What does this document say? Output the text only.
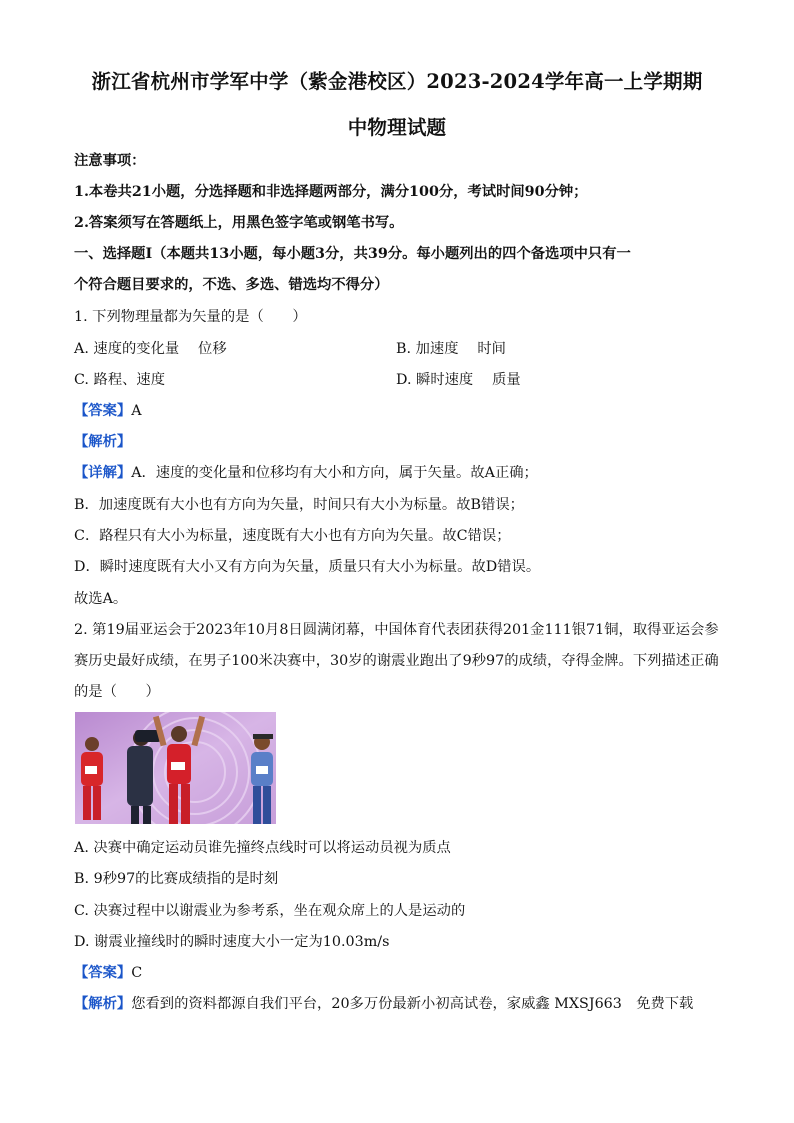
浙江省杭州市学军中学（紫金港校区）2023-2024学年高一上学期期
中物理试题
注意事项：
1.本卷共21小题，分选择题和非选择题两部分，满分100分，考试时间90分钟；
2.答案须写在答题纸上，用黑色签字笔或钢笔书写。
一、选择题Ⅰ（本题共13小题，每小题3分，共39分。每小题列出的四个备选项中只有一
个符合题目要求的，不选、多选、错选均不得分）
1. 下列物理量都为矢量的是（　　）
A. 速度的变化量　 位移	B. 加速度　 时间
C. 路程、速度	D. 瞬时速度　 质量
【答案】A
【解析】
【详解】A．速度的变化量和位移均有大小和方向，属于矢量。故A正确；
B．加速度既有大小也有方向为矢量，时间只有大小为标量。故B错误；
C．路程只有大小为标量，速度既有大小也有方向为矢量。故C错误；
D．瞬时速度既有大小又有方向为矢量，质量只有大小为标量。故D错误。
故选A。
2. 第19届亚运会于2023年10月8日圆满闭幕，中国体育代表团获得201金111银71铜，取得亚运会参
赛历史最好成绩，在男子100米决赛中，30岁的谢震业跑出了9秒97的成绩，夺得金牌。下列描述正确
的是（　　）
A. 决赛中确定运动员谁先撞终点线时可以将运动员视为质点
B. 9秒97的比赛成绩指的是时刻
C. 决赛过程中以谢震业为参考系，坐在观众席上的人是运动的
D. 谢震业撞线时的瞬时速度大小一定为10.03m/s
【答案】C
【解析】您看到的资料都源自我们平台，20多万份最新小初高试卷，家威鑫 MXSJ663　免费下载
